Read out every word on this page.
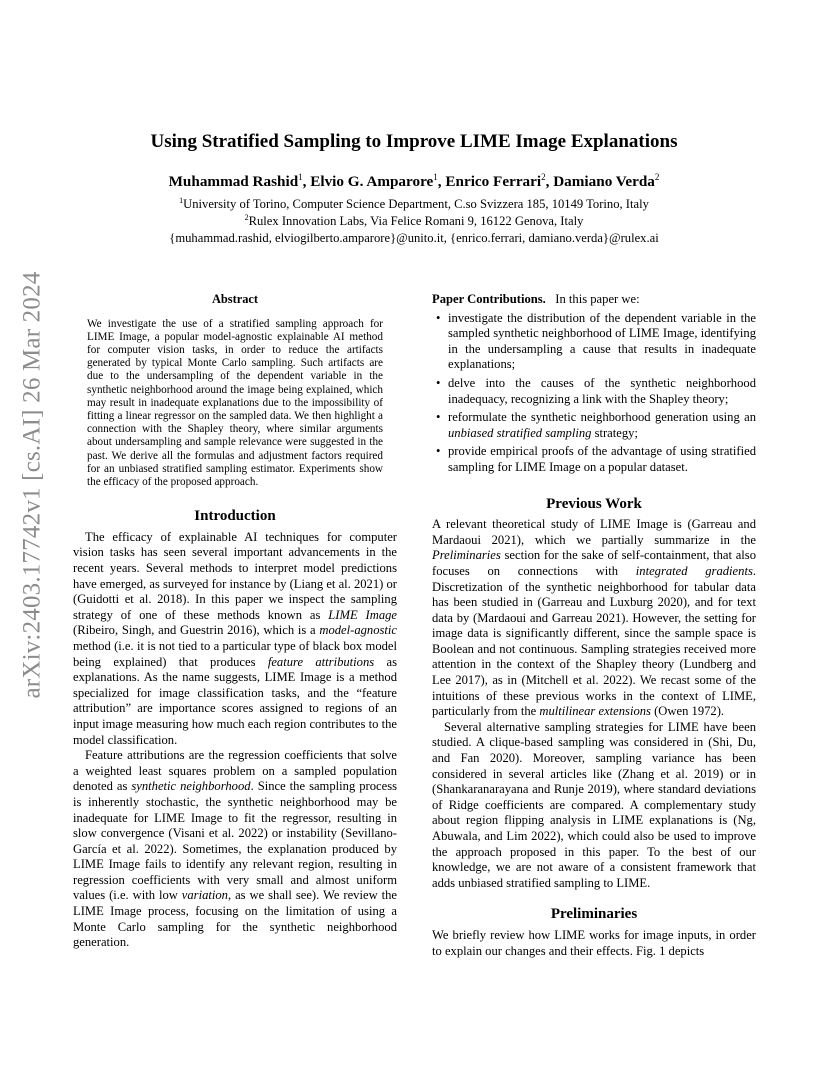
arXiv:2403.17742v1 [cs.AI] 26 Mar 2024
Using Stratified Sampling to Improve LIME Image Explanations
Muhammad Rashid$^1$, Elvio G. Amparore$^1$, Enrico Ferrari$^2$, Damiano Verda$^2$
$^1$University of Torino, Computer Science Department, C.so Svizzera 185, 10149 Torino, Italy
$^2$Rulex Innovation Labs, Via Felice Romani 9, 16122 Genova, Italy
{muhammad.rashid, elviogilberto.amparore}@unito.it, {enrico.ferrari, damiano.verda}@rulex.ai
Abstract

We investigate the use of a stratified sampling approach for LIME Image, a popular model-agnostic explainable AI method for computer vision tasks, in order to reduce the artifacts generated by typical Monte Carlo sampling. Such artifacts are due to the undersampling of the dependent variable in the synthetic neighborhood around the image being explained, which may result in inadequate explanations due to the impossibility of fitting a linear regressor on the sampled data. We then highlight a connection with the Shapley theory, where similar arguments about undersampling and sample relevance were suggested in the past. We derive all the formulas and adjustment factors required for an unbiased stratified sampling estimator. Experiments show the efficacy of the proposed approach.

Introduction

The efficacy of explainable AI techniques for computer vision tasks has seen several important advancements in the recent years. Several methods to interpret model predictions have emerged, as surveyed for instance by (Liang et al. 2021) or (Guidotti et al. 2018). In this paper we inspect the sampling strategy of one of these methods known as LIME Image (Ribeiro, Singh, and Guestrin 2016), which is a model-agnostic method (i.e. it is not tied to a particular type of black box model being explained) that produces feature attributions as explanations. As the name suggests, LIME Image is a method specialized for image classification tasks, and the “feature attribution” are importance scores assigned to regions of an input image measuring how much each region contributes to the model classification.

Feature attributions are the regression coefficients that solve a weighted least squares problem on a sampled population denoted as synthetic neighborhood. Since the sampling process is inherently stochastic, the synthetic neighborhood may be inadequate for LIME Image to fit the regressor, resulting in slow convergence (Visani et al. 2022) or instability (Sevillano-García et al. 2022). Sometimes, the explanation produced by LIME Image fails to identify any relevant region, resulting in regression coefficients with very small and almost uniform values (i.e. with low variation, as we shall see). We review the LIME Image process, focusing on the limitation of using a Monte Carlo sampling for the synthetic neighborhood generation.

Paper Contributions. In this paper we:

• investigate the distribution of the dependent variable in the sampled synthetic neighborhood of LIME Image, identifying in the undersampling a cause that results in inadequate explanations;
• delve into the causes of the synthetic neighborhood inadequacy, recognizing a link with the Shapley theory;
• reformulate the synthetic neighborhood generation using an unbiased stratified sampling strategy;
• provide empirical proofs of the advantage of using stratified sampling for LIME Image on a popular dataset.
Previous Work

A relevant theoretical study of LIME Image is (Garreau and Mardaoui 2021), which we partially summarize in the Preliminaries section for the sake of self-containment, that also focuses on connections with integrated gradients. Discretization of the synthetic neighborhood for tabular data has been studied in (Garreau and Luxburg 2020), and for text data by (Mardaoui and Garreau 2021). However, the setting for image data is significantly different, since the sample space is Boolean and not continuous. Sampling strategies received more attention in the context of the Shapley theory (Lundberg and Lee 2017), as in (Mitchell et al. 2022). We recast some of the intuitions of these previous works in the context of LIME, particularly from the multilinear extensions (Owen 1972).

Several alternative sampling strategies for LIME have been studied. A clique-based sampling was considered in (Shi, Du, and Fan 2020). Moreover, sampling variance has been considered in several articles like (Zhang et al. 2019) or in (Shankaranarayana and Runje 2019), where standard deviations of Ridge coefficients are compared. A complementary study about region flipping analysis in LIME explanations is (Ng, Abuwala, and Lim 2022), which could also be used to improve the approach proposed in this paper. To the best of our knowledge, we are not aware of a consistent framework that adds unbiased stratified sampling to LIME.

Preliminaries

We briefly review how LIME works for image inputs, in order to explain our changes and their effects. Fig. 1 depicts
